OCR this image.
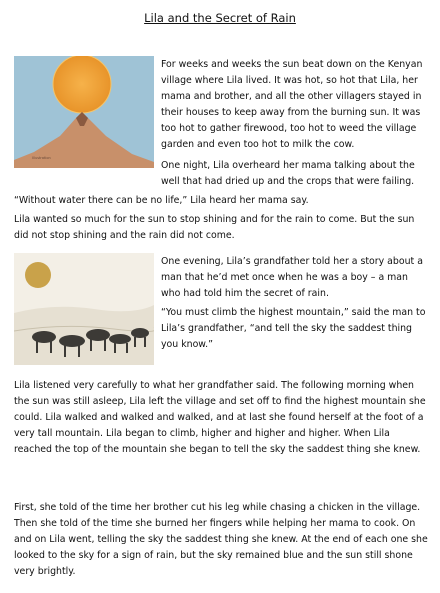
Lila and the Secret of Rain
Illustration

For weeks and weeks the sun beat down on the Kenyan village where Lila lived. It was hot, so hot that Lila, her mama and brother, and all the other villagers stayed in their houses to keep away from the burning sun. It was too hot to gather firewood, too hot to weed the village garden and even too hot to milk the cow.

One night, Lila overheard her mama talking about the well that had dried up and the crops that were failing.

“Without water there can be no life,” Lila heard her mama say.

Lila wanted so much for the sun to stop shining and for the rain to come. But the sun did not stop shining and the rain did not come.

One evening, Lila’s grandfather told her a story about a man that he’d met once when he was a boy – a man who had told him the secret of rain.

“You must climb the highest mountain,” said the man to Lila’s grandfather, “and tell the sky the saddest thing you know.”

Lila listened very carefully to what her grandfather said. The following morning when the sun was still asleep, Lila left the village and set off to find the highest mountain she could. Lila walked and walked and walked, and at last she found herself at the foot of a very tall mountain. Lila began to climb, higher and higher and higher. When Lila reached the top of the mountain she began to tell the sky the saddest thing she knew.

First, she told of the time her brother cut his leg while chasing a chicken in the village. Then she told of the time she burned her fingers while helping her mama to cook. On and on Lila went, telling the sky the saddest thing she knew. At the end of each one she looked to the sky for a sign of rain, but the sky remained blue and the sun still shone very brightly.
